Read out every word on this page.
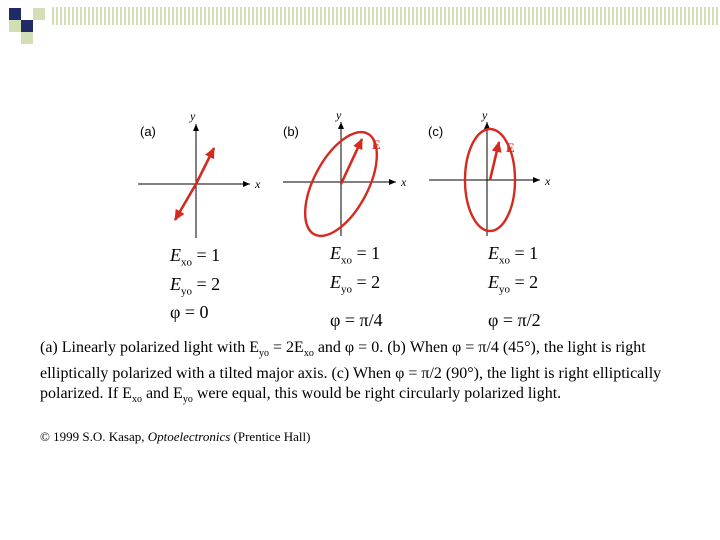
(a)
x
y
(b)
x
y
E
(c)
x
y
E
$E_{xo} = 1$
$E_{yo} = 2$
φ = 0
$E_{xo} = 1$
$E_{yo} = 2$
φ = π/4
$E_{xo} = 1$
$E_{yo} = 2$
φ = π/2
(a) Linearly polarized light with $E_{yo} = 2E_{xo}$ and φ = 0. (b) When φ = π/4 (45°), the light is right elliptically polarized with a tilted major axis. (c) When φ = π/2 (90°), the light is right elliptically polarized. If $E_{xo}$ and $E_{yo}$ were equal, this would be right circularly polarized light.
© 1999 S.O. Kasap, Optoelectronics (Prentice Hall)
